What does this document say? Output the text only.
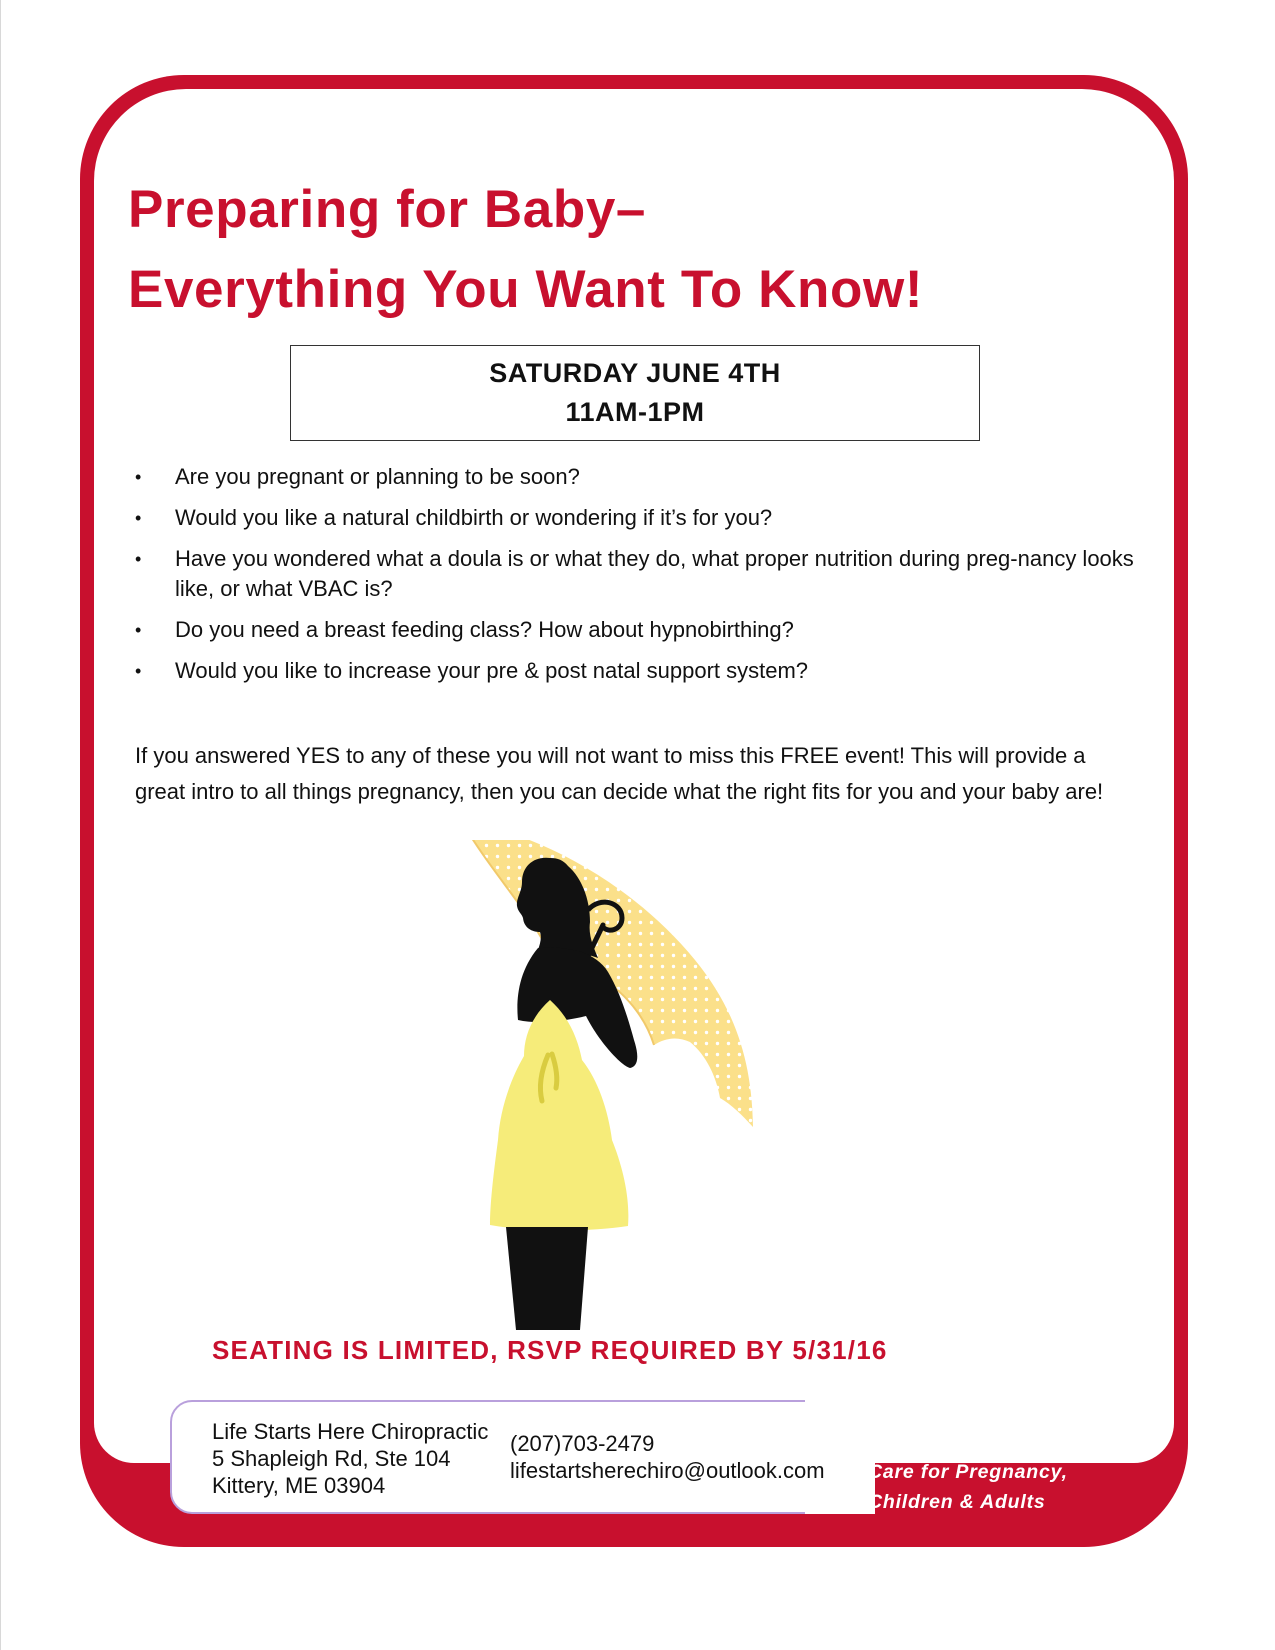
Preparing for Baby–
Everything You Want To Know!
SATURDAY JUNE 4TH
11AM-1PM
• Are you pregnant or planning to be soon?
• Would you like a natural childbirth or wondering if it’s for you?
• Have you wondered what a doula is or what they do, what proper nutrition during preg-nancy looks like, or what VBAC is?
• Do you need a breast feeding class? How about hypnobirthing?
• Would you like to increase your pre & post natal support system?

If you answered YES to any of these you will not want to miss this FREE event! This will provide a great intro to all things pregnancy, then you can decide what the right fits for you and your baby are!

SEATING IS LIMITED, RSVP REQUIRED BY 5/31/16

Life Starts Here Chiropractic
5 Shapleigh Rd, Ste 104
Kittery, ME 03904
(207)703-2479
lifestartsherechiro@outlook.com Care for Pregnancy,
Children & Adults
